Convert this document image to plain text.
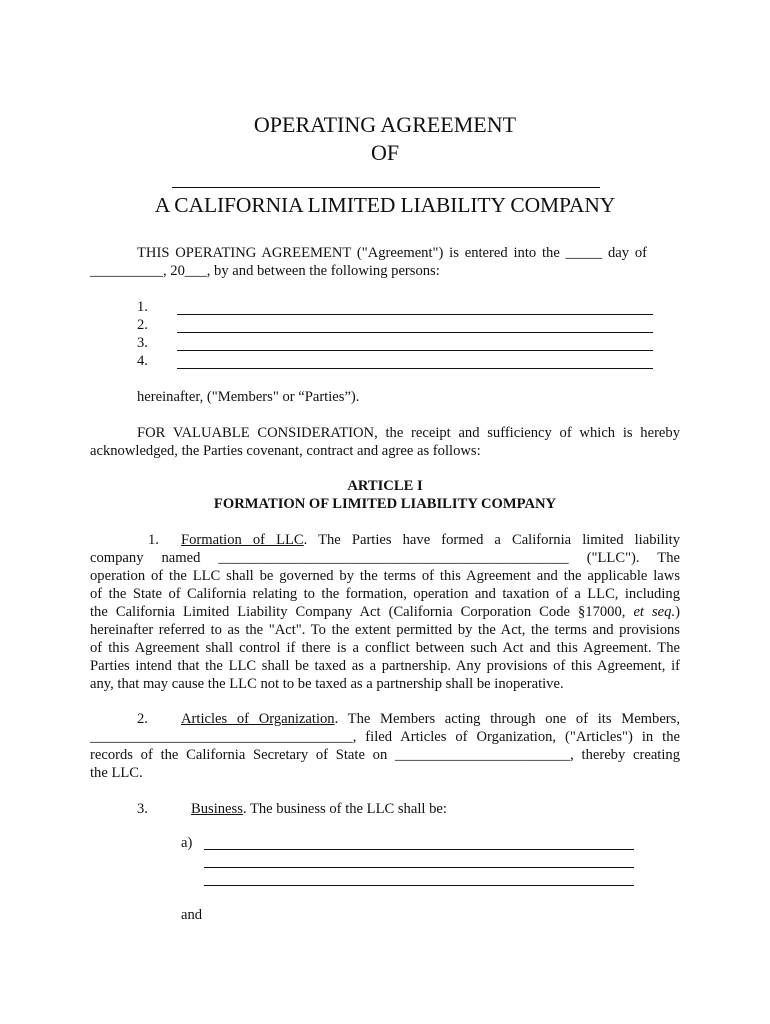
OPERATING AGREEMENT
OF
A CALIFORNIA LIMITED LIABILITY COMPANY
THIS OPERATING AGREEMENT ("Agreement") is entered into the _____ day of
__________, 20___, by and between the following persons:
1.
2.
3.
4.
hereinafter, ("Members" or “Parties”).
FOR VALUABLE CONSIDERATION, the receipt and sufficiency of which is hereby
acknowledged, the Parties covenant, contract and agree as follows:
ARTICLE I
FORMATION OF LIMITED LIABILITY COMPANY
1. Formation of LLC. The Parties have formed a California limited liability
company named ________________________________________________ ("LLC"). The
operation of the LLC shall be governed by the terms of this Agreement and the applicable laws
of the State of California relating to the formation, operation and taxation of a LLC, including
the California Limited Liability Company Act (California Corporation Code §17000, et seq.)
hereinafter referred to as the "Act". To the extent permitted by the Act, the terms and provisions
of this Agreement shall control if there is a conflict between such Act and this Agreement. The
Parties intend that the LLC shall be taxed as a partnership. Any provisions of this Agreement, if
any, that may cause the LLC not to be taxed as a partnership shall be inoperative.
2. Articles of Organization. The Members acting through one of its Members,
____________________________________, filed Articles of Organization, ("Articles") in the
records of the California Secretary of State on ________________________, thereby creating
the LLC.
3.	Business. The business of the LLC shall be:
a)
and
